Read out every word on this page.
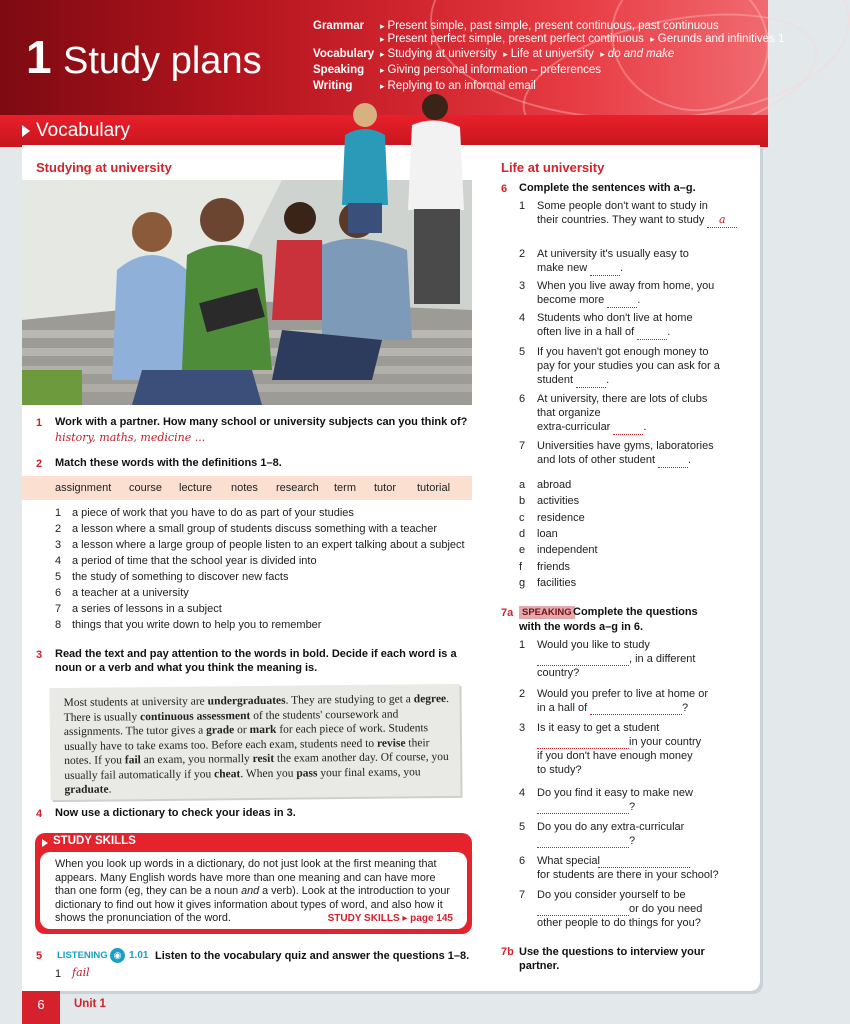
1 Study plans
Grammar ▸ Present simple, past simple, present continuous, past continuous
▸ Present perfect simple, present perfect continuous ▸ Gerunds and infinitives 1
Vocabulary ▸ Studying at university ▸ Life at university ▸ do and make
Speaking ▸ Giving personal information – preferences
Writing	▸ Replying to an informal email
Vocabulary
Studying at university
1 Work with a partner. How many school or university subjects can you think of?
history, maths, medicine ...
2 Match these words with the definitions 1–8.
assignment course lecture notes research term tutor tutorial
1 a piece of work that you have to do as part of your studies
2 a lesson where a small group of students discuss something with a teacher
3 a lesson where a large group of people listen to an expert talking about a subject
4 a period of time that the school year is divided into
5 the study of something to discover new facts
6 a teacher at a university
7 a series of lessons in a subject
8 things that you write down to help you to remember
3 Read the text and pay attention to the words in bold. Decide if each word is a noun or a verb and what you think the meaning is.

Most students at university are undergraduates. They are studying to get a degree. There is usually continuous assessment of the students' coursework and assignments. The tutor gives a grade or mark for each piece of work. Students usually have to take exams too. Before each exam, students need to revise their notes. If you fail an exam, you normally resit the exam another day. Of course, you usually fail automatically if you cheat. When you pass your final exams, you graduate.

4 Now use a dictionary to check your ideas in 3.
STUDY SKILLS

When you look up words in a dictionary, do not just look at the first meaning that appears. Many English words have more than one meaning and can have more than one form (eg, they can be a noun and a verb). Look at the introduction to your dictionary to find out how it gives information about types of word, and also how it shows the pronunciation of the word.	STUDY SKILLS ▸ page 145
5 LISTENING ◉ 1.01 Listen to the vocabulary quiz and answer the questions 1–8.
1 fail
Life at university
6 Complete the sentences with a–g.
1 Some people don't want to study in
their countries. They want to study	a
2 At university it's usually easy to
make new	.
3 When you live away from home, you
become more	.
4 Students who don't live at home
often live in a hall of	.
5 If you haven't got enough money to
pay for your studies you can ask for a
student	.
6 At university, there are lots of clubs
that organize
extra-curricular	.
7 Universities have gyms, laboratories
and lots of other student	.
a abroad
b activities
c residence
d loan
e independent
f friends
g facilities
7a SPEAKING Complete the questions
with the words a–g in 6.
1 Would you like to study
, in a different
country?
2 Would you prefer to live at home or
in a hall of	?
3 Is it easy to get a student
in your country
if you don't have enough money
to study?
4 Do you find it easy to make new
?
5 Do you do any extra-curricular
?
6 What special
for students are there in your school?
7 Do you consider yourself to be
or do you need
other people to do things for you?
7b Use the questions to interview your
partner.
6	Unit 1
